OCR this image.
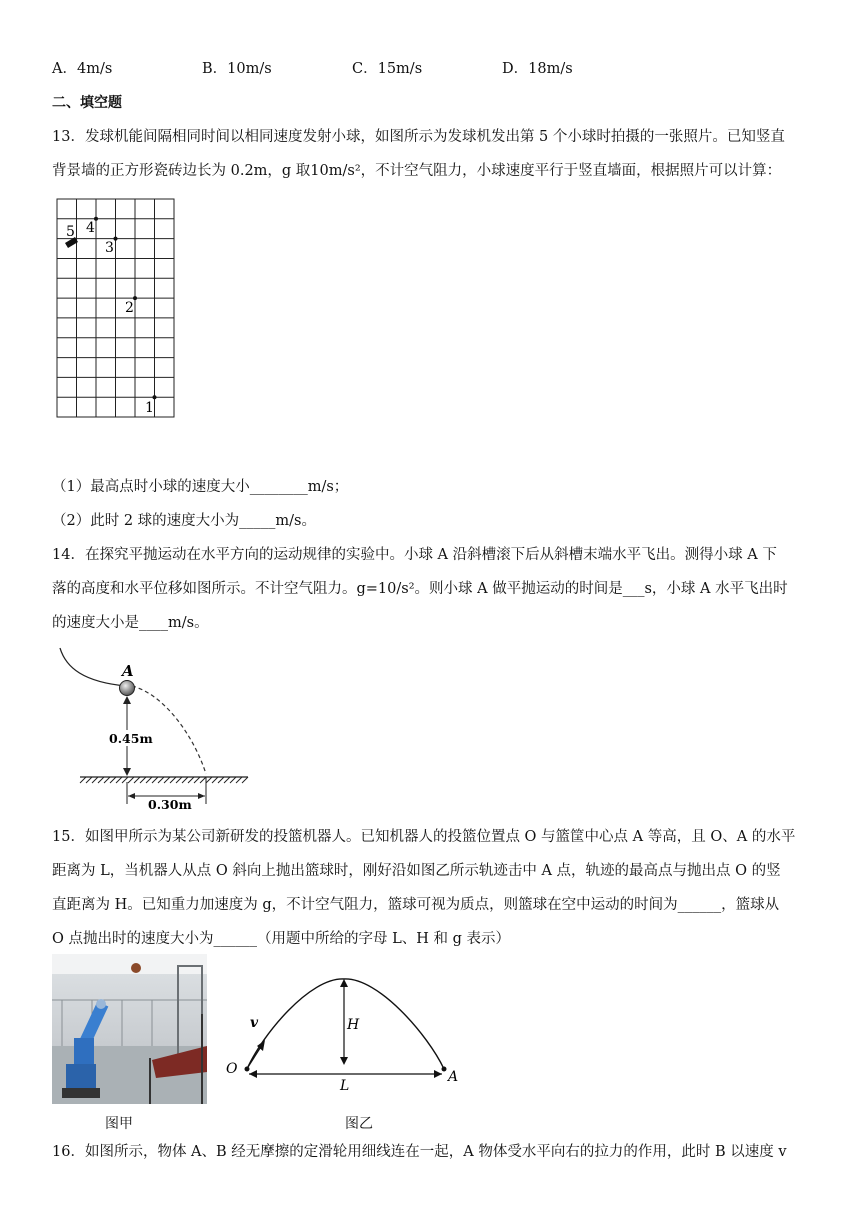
A．4m/s	B．10m/s	C．15m/s	D．18m/s
二、填空题
13．发球机能间隔相同时间以相同速度发射小球，如图所示为发球机发出第 5 个小球时拍摄的一张照片。已知竖直
背景墙的正方形瓷砖边长为 0.2m，g 取10m/s²，不计空气阻力，小球速度平行于竖直墙面，根据照片可以计算：
5 4
3
2
1
（1）最高点时小球的速度大小________m/s；
（2）此时 2 球的速度大小为_____m/s。
14．在探究平抛运动在水平方向的运动规律的实验中。小球 A 沿斜槽滚下后从斜槽末端水平飞出。测得小球 A 下
落的高度和水平位移如图所示。不计空气阻力。g=10/s²。则小球 A 做平抛运动的时间是___s，小球 A 水平飞出时
的速度大小是____m/s。
A
0.45m
0.30m
15．如图甲所示为某公司新研发的投篮机器人。已知机器人的投篮位置点 O 与篮筐中心点 A 等高，且 O、A 的水平
距离为 L，当机器人从点 O 斜向上抛出篮球时，刚好沿如图乙所示轨迹击中 A 点，轨迹的最高点与抛出点 O 的竖
直距离为 H。已知重力加速度为 g，不计空气阻力，篮球可视为质点，则篮球在空中运动的时间为______，篮球从
O 点抛出时的速度大小为______（用题中所给的字母 L、H 和 g 表示）
图甲
v	H
O
L
A
图乙
16．如图所示，物体 A、B 经无摩擦的定滑轮用细线连在一起，A 物体受水平向右的拉力的作用，此时 B 以速度 v
